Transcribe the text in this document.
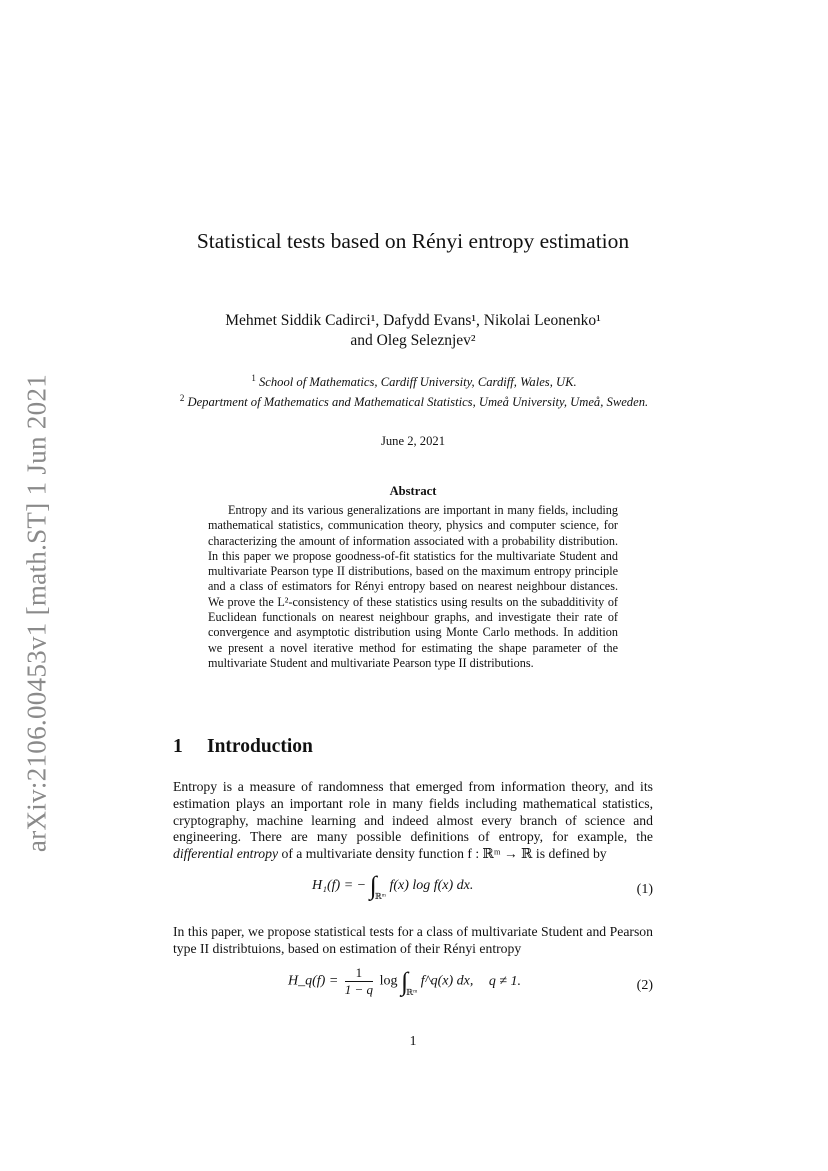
arXiv:2106.00453v1 [math.ST] 1 Jun 2021
Statistical tests based on Rényi entropy estimation
Mehmet Siddik Cadirci¹, Dafydd Evans¹, Nikolai Leonenko¹
and Oleg Seleznjev²
$^1$ School of Mathematics, Cardiff University, Cardiff, Wales, UK.
$^2$ Department of Mathematics and Mathematical Statistics, Umeå University, Umeå, Sweden.
June 2, 2021
Abstract

Entropy and its various generalizations are important in many fields, including mathematical statistics, communication theory, physics and computer science, for characterizing the amount of information associated with a probability distribution. In this paper we propose goodness-of-fit statistics for the multivariate Student and multivariate Pearson type II distributions, based on the maximum entropy principle and a class of estimators for Rényi entropy based on nearest neighbour distances. We prove the L²-consistency of these statistics using results on the subadditivity of Euclidean functionals on nearest neighbour graphs, and investigate their rate of convergence and asymptotic distribution using Monte Carlo methods. In addition we present a novel iterative method for estimating the shape parameter of the multivariate Student and multivariate Pearson type II distributions.

1 Introduction

Entropy is a measure of randomness that emerged from information theory, and its estimation plays an important role in many fields including mathematical statistics, cryptography, machine learning and indeed almost every branch of science and engineering. There are many possible definitions of entropy, for example, the differential entropy of a multivariate density function f : ℝᵐ → ℝ is defined by

H₁(f) = − $\int_{ℝᵐ}$ f(x) log f(x) dx.	(1)

In this paper, we propose statistical tests for a class of multivariate Student and Pearson type II distribtuions, based on estimation of their Rényi entropy

H_q(f) = $\frac{1}{1 - q}$ $\log \int_{ℝᵐ}$ f^q(x) dx, q ≠ 1.	(2)
1
